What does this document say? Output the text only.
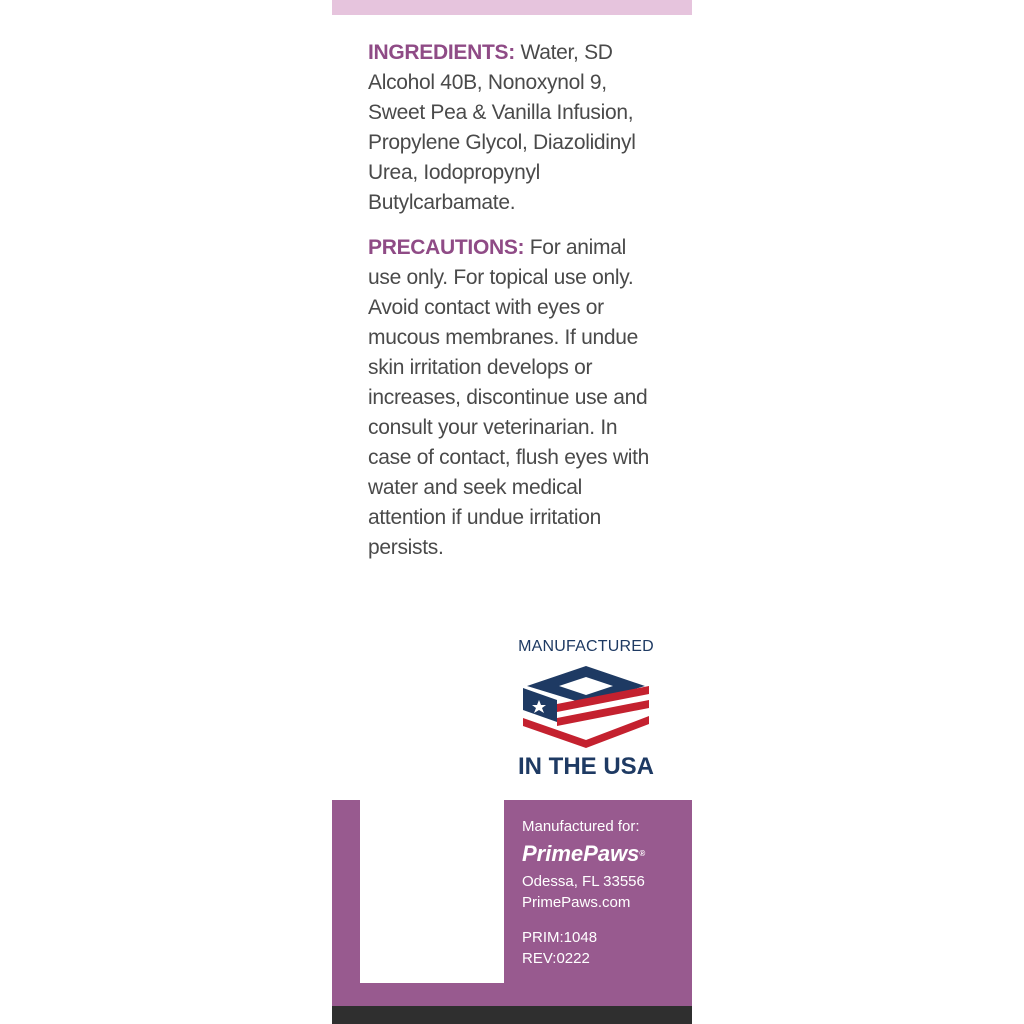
INGREDIENTS: Water, SD Alcohol 40B, Nonoxynol 9, Sweet Pea & Vanilla Infusion, Propylene Glycol, Diazolidinyl Urea, Iodopropynyl Butylcarbamate.
PRECAUTIONS: For animal use only. For topical use only. Avoid contact with eyes or mucous membranes. If undue skin irritation develops or increases, discontinue use and consult your veterinarian. In case of contact, flush eyes with water and seek medical attention if undue irritation persists.
MANUFACTURED
IN THE USA
Manufactured for:
PrimePaws®
Odessa, FL 33556
PrimePaws.com
PRIM:1048
REV:0222
